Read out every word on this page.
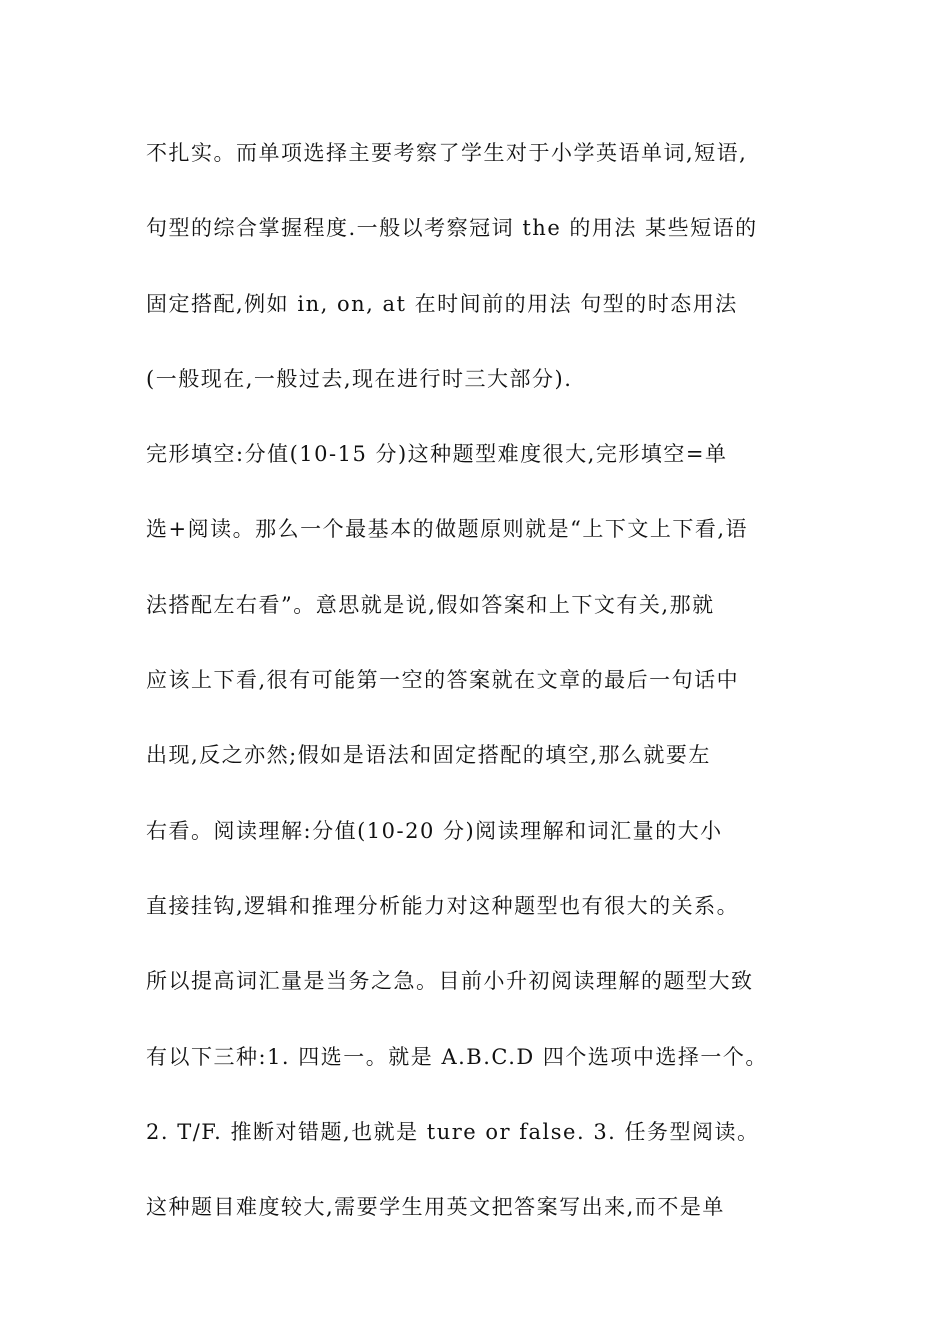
不扎实。而单项选择主要考察了学生对于小学英语单词,短语,
句型的综合掌握程度.一般以考察冠词 the 的用法 某些短语的
固定搭配,例如 in, on, at 在时间前的用法 句型的时态用法
(一般现在,一般过去,现在进行时三大部分).
完形填空:分值(10-15 分)这种题型难度很大,完形填空=单
选+阅读。那么一个最基本的做题原则就是“上下文上下看,语
法搭配左右看”。意思就是说,假如答案和上下文有关,那就
应该上下看,很有可能第一空的答案就在文章的最后一句话中
出现,反之亦然;假如是语法和固定搭配的填空,那么就要左
右看。阅读理解:分值(10-20 分)阅读理解和词汇量的大小
直接挂钩,逻辑和推理分析能力对这种题型也有很大的关系。
所以提高词汇量是当务之急。目前小升初阅读理解的题型大致
有以下三种:1. 四选一。就是 A.B.C.D 四个选项中选择一个。
2. T/F. 推断对错题,也就是 ture or false. 3. 任务型阅读。
这种题目难度较大,需要学生用英文把答案写出来,而不是单
